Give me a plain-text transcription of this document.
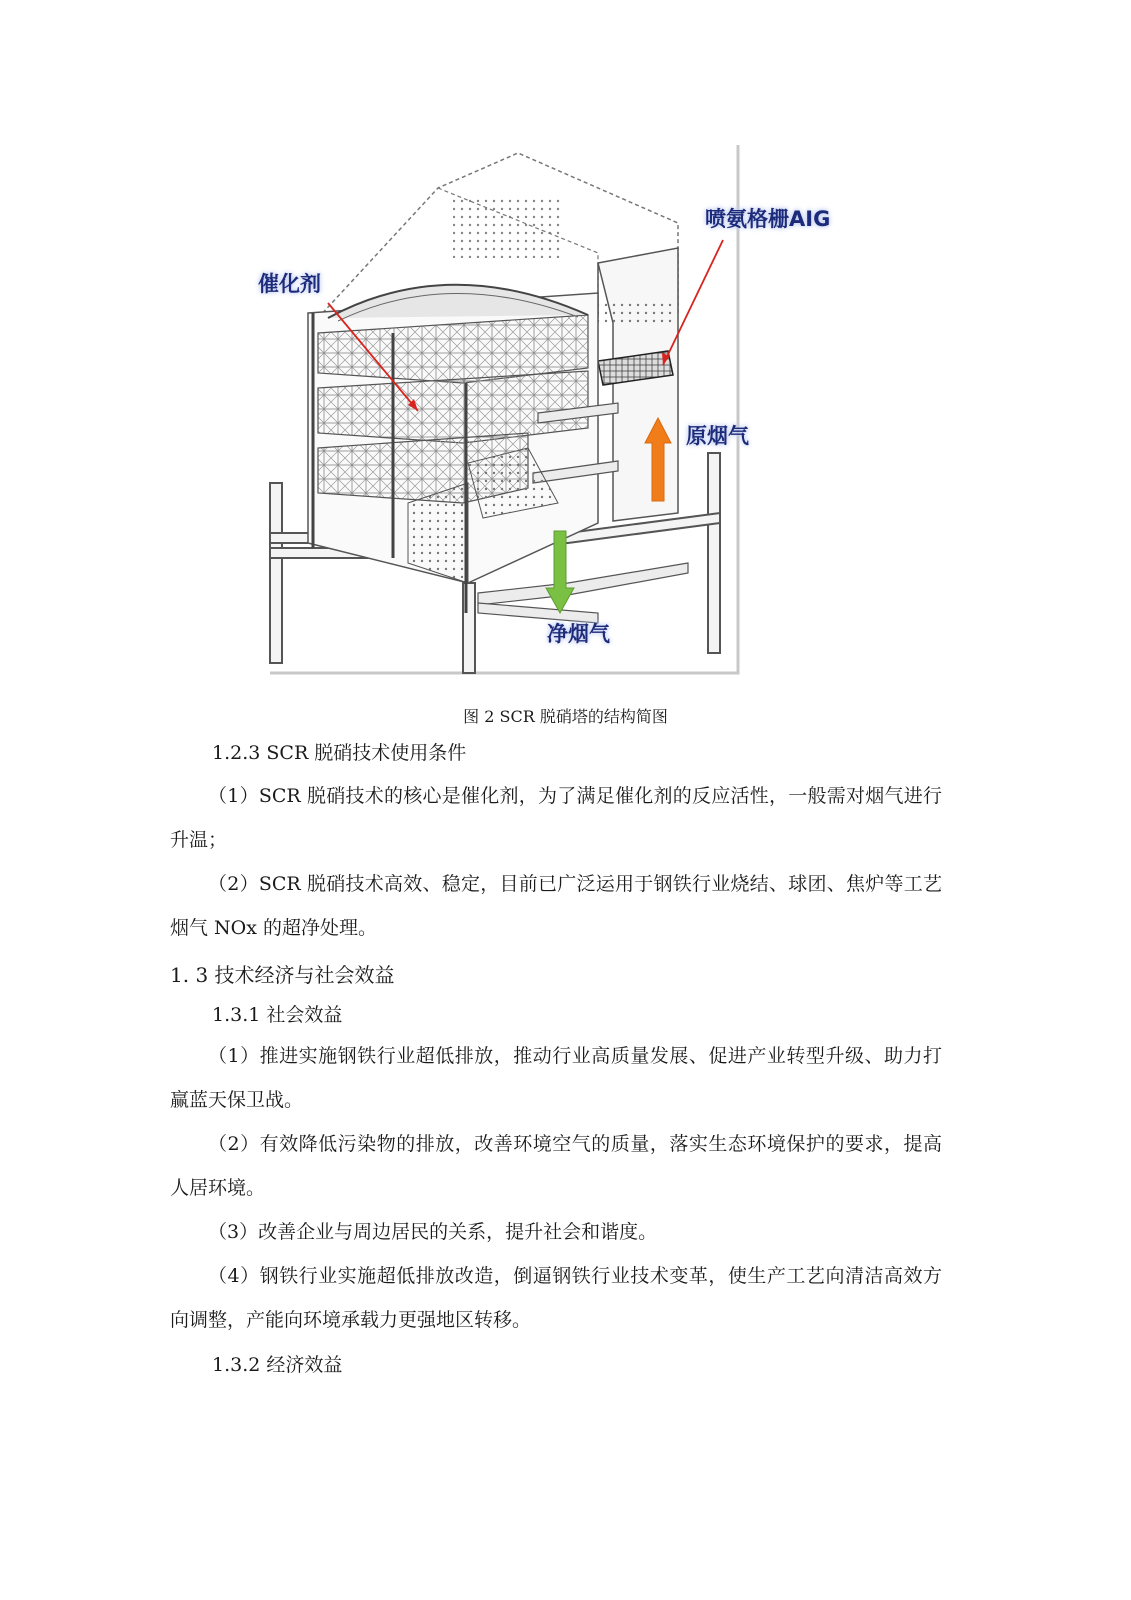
催化剂
喷氨格栅AIG
原烟气
净烟气
图 2 SCR 脱硝塔的结构简图
1.2.3 SCR 脱硝技术使用条件

（1）SCR 脱硝技术的核心是催化剂，为了满足催化剂的反应活性，一般需对烟气进行升温；

（2）SCR 脱硝技术高效、稳定，目前已广泛运用于钢铁行业烧结、球团、焦炉等工艺烟气 NOx 的超净处理。

1. 3 技术经济与社会效益
1.3.1 社会效益

（1）推进实施钢铁行业超低排放，推动行业高质量发展、促进产业转型升级、助力打赢蓝天保卫战。

（2）有效降低污染物的排放，改善环境空气的质量，落实生态环境保护的要求，提高人居环境。

（3）改善企业与周边居民的关系，提升社会和谐度。

（4）钢铁行业实施超低排放改造，倒逼钢铁行业技术变革，使生产工艺向清洁高效方向调整，产能向环境承载力更强地区转移。

1.3.2 经济效益
